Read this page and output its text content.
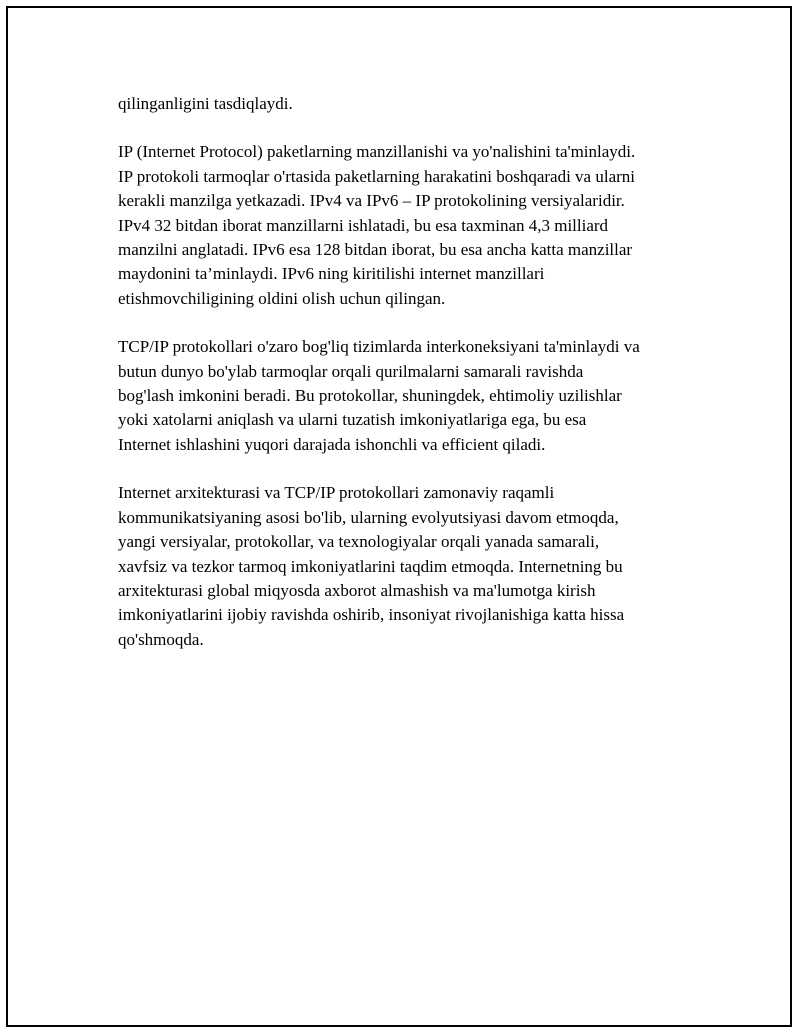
qilinganligini tasdiqlaydi.

IP (Internet Protocol) paketlarning manzillanishi va yo'nalishini ta'minlaydi.
IP protokoli tarmoqlar o'rtasida paketlarning harakatini boshqaradi va ularni
kerakli manzilga yetkazadi. IPv4 va IPv6 – IP protokolining versiyalaridir.
IPv4 32 bitdan iborat manzillarni ishlatadi, bu esa taxminan 4,3 milliard
manzilni anglatadi. IPv6 esa 128 bitdan iborat, bu esa ancha katta manzillar
maydonini ta’minlaydi. IPv6 ning kiritilishi internet manzillari
etishmovchiligining oldini olish uchun qilingan.

TCP/IP protokollari o'zaro bog'liq tizimlarda interkoneksiyani ta'minlaydi va
butun dunyo bo'ylab tarmoqlar orqali qurilmalarni samarali ravishda
bog'lash imkonini beradi. Bu protokollar, shuningdek, ehtimoliy uzilishlar
yoki xatolarni aniqlash va ularni tuzatish imkoniyatlariga ega, bu esa
Internet ishlashini yuqori darajada ishonchli va efficient qiladi.

Internet arxitekturasi va TCP/IP protokollari zamonaviy raqamli
kommunikatsiyaning asosi bo'lib, ularning evolyutsiyasi davom etmoqda,
yangi versiyalar, protokollar, va texnologiyalar orqali yanada samarali,
xavfsiz va tezkor tarmoq imkoniyatlarini taqdim etmoqda. Internetning bu
arxitekturasi global miqyosda axborot almashish va ma'lumotga kirish
imkoniyatlarini ijobiy ravishda oshirib, insoniyat rivojlanishiga katta hissa
qo'shmoqda.
